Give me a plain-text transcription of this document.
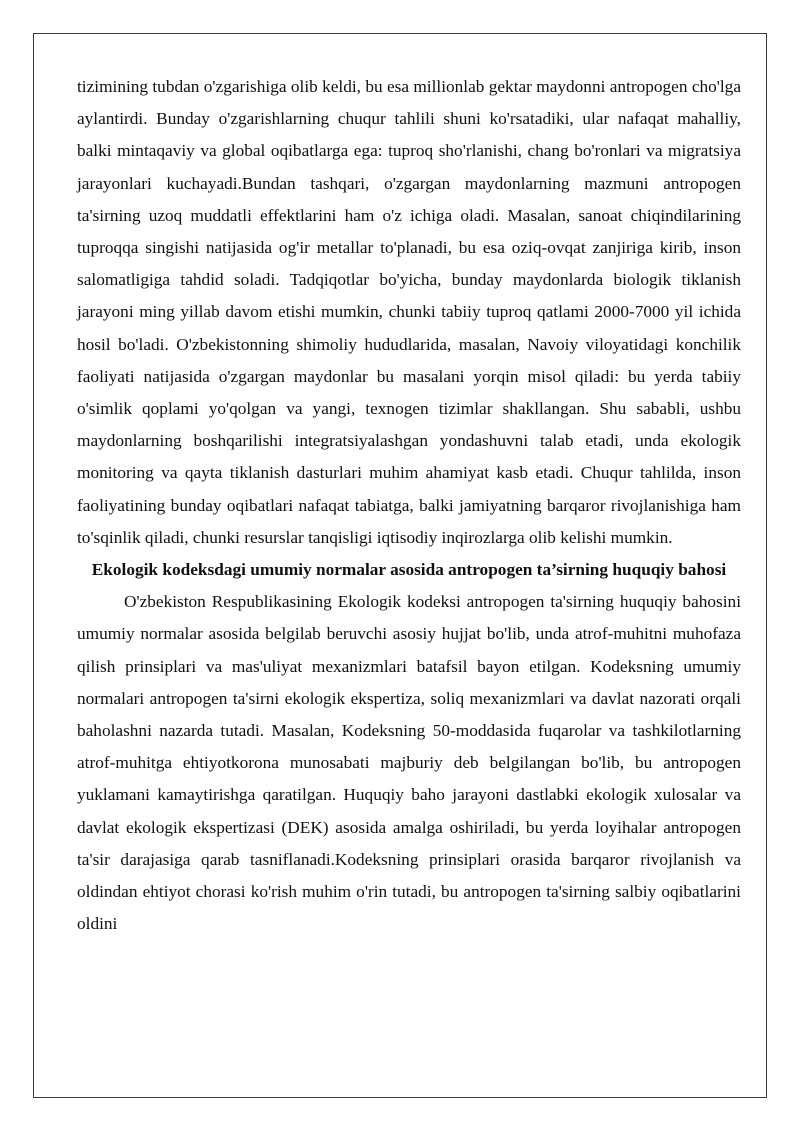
tizimining tubdan o'zgarishiga olib keldi, bu esa millionlab gektar maydonni antropogen cho'lga aylantirdi. Bunday o'zgarishlarning chuqur tahlili shuni ko'rsatadiki, ular nafaqat mahalliy, balki mintaqaviy va global oqibatlarga ega: tuproq sho'rlanishi, chang bo'ronlari va migratsiya jarayonlari kuchayadi.Bundan tashqari, o'zgargan maydonlarning mazmuni antropogen ta'sirning uzoq muddatli effektlarini ham o'z ichiga oladi. Masalan, sanoat chiqindilarining tuproqqa singishi natijasida og'ir metallar to'planadi, bu esa oziq-ovqat zanjiriga kirib, inson salomatligiga tahdid soladi. Tadqiqotlar bo'yicha, bunday maydonlarda biologik tiklanish jarayoni ming yillab davom etishi mumkin, chunki tabiiy tuproq qatlami 2000-7000 yil ichida hosil bo'ladi. O'zbekistonning shimoliy hududlarida, masalan, Navoiy viloyatidagi konchilik faoliyati natijasida o'zgargan maydonlar bu masalani yorqin misol qiladi: bu yerda tabiiy o'simlik qoplami yo'qolgan va yangi, texnogen tizimlar shakllangan. Shu sababli, ushbu maydonlarning boshqarilishi integratsiyalashgan yondashuvni talab etadi, unda ekologik monitoring va qayta tiklanish dasturlari muhim ahamiyat kasb etadi. Chuqur tahlilda, inson faoliyatining bunday oqibatlari nafaqat tabiatga, balki jamiyatning barqaror rivojlanishiga ham to'sqinlik qiladi, chunki resurslar tanqisligi iqtisodiy inqirozlarga olib kelishi mumkin.

Ekologik kodeksdagi umumiy normalar asosida antropogen ta’sirning huquqiy bahosi

O'zbekiston Respublikasining Ekologik kodeksi antropogen ta'sirning huquqiy bahosini umumiy normalar asosida belgilab beruvchi asosiy hujjat bo'lib, unda atrof-muhitni muhofaza qilish prinsiplari va mas'uliyat mexanizmlari batafsil bayon etilgan. Kodeksning umumiy normalari antropogen ta'sirni ekologik ekspertiza, soliq mexanizmlari va davlat nazorati orqali baholashni nazarda tutadi. Masalan, Kodeksning 50-moddasida fuqarolar va tashkilotlarning atrof-muhitga ehtiyotkorona munosabati majburiy deb belgilangan bo'lib, bu antropogen yuklamani kamaytirishga qaratilgan. Huquqiy baho jarayoni dastlabki ekologik xulosalar va davlat ekologik ekspertizasi (DEK) asosida amalga oshiriladi, bu yerda loyihalar antropogen ta'sir darajasiga qarab tasniflanadi.Kodeksning prinsiplari orasida barqaror rivojlanish va oldindan ehtiyot chorasi ko'rish muhim o'rin tutadi, bu antropogen ta'sirning salbiy oqibatlarini oldini
